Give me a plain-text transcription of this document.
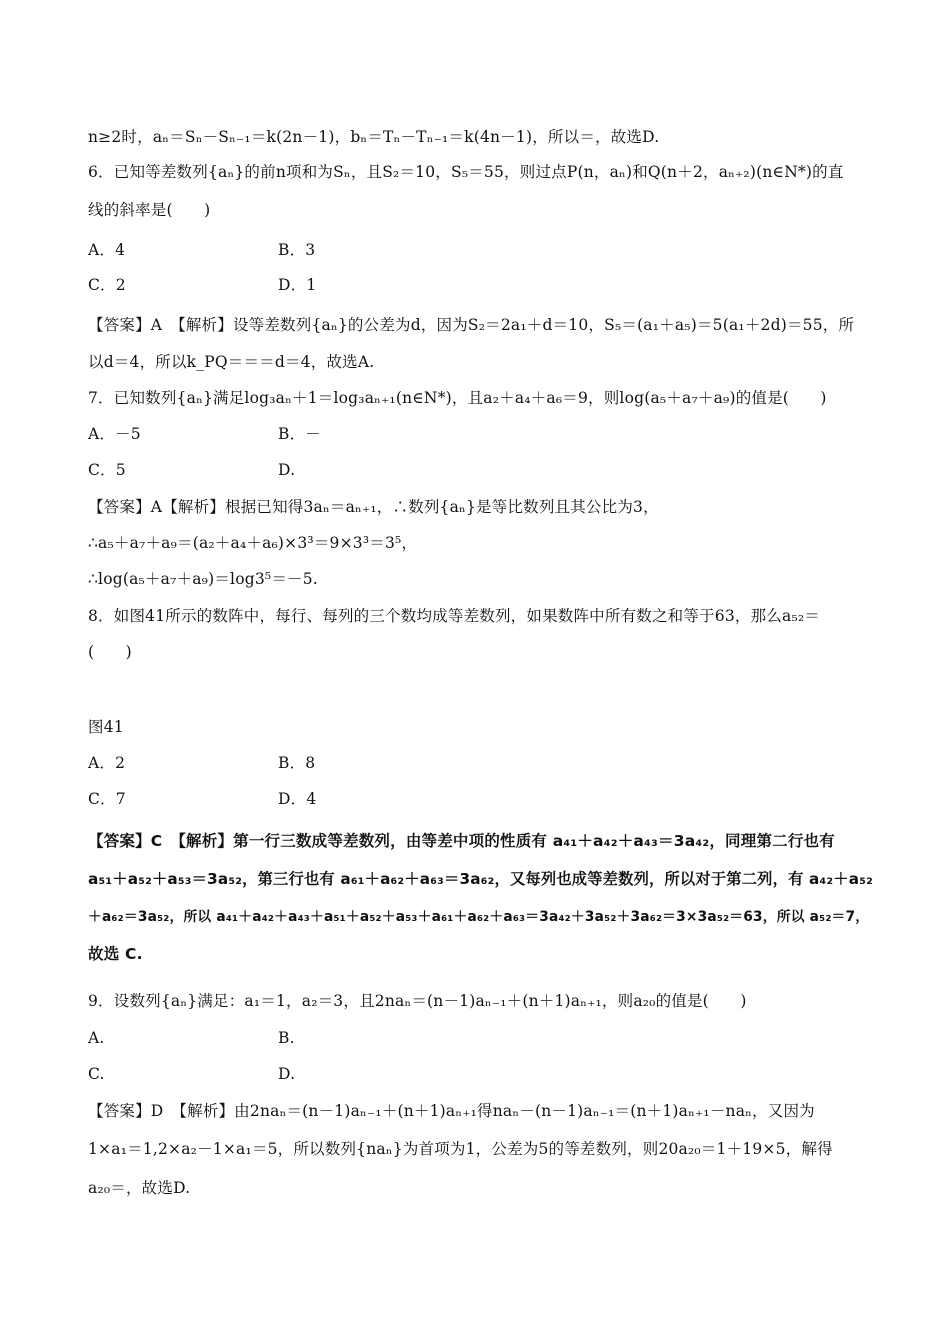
n≥2时，aₙ＝Sₙ－Sₙ₋₁＝k(2n－1)，bₙ＝Tₙ－Tₙ₋₁＝k(4n－1)，所以＝，故选D.
6．已知等差数列{aₙ}的前n项和为Sₙ，且S₂＝10，S₅＝55，则过点P(n，aₙ)和Q(n＋2，aₙ₊₂)(n∈N*)的直
线的斜率是(　　)
A．4	B．3
C．2	D．1
【答案】A　【解析】设等差数列{aₙ}的公差为d，因为S₂＝2a₁＋d＝10，S₅＝(a₁＋a₅)＝5(a₁＋2d)＝55，所
以d＝4，所以k_PQ＝＝＝d＝4，故选A.
7．已知数列{aₙ}满足log₃aₙ＋1＝log₃aₙ₊₁(n∈N*)，且a₂＋a₄＋a₆＝9，则log(a₅＋a₇＋a₉)的值是(　　)
A．－5	B．－
C．5	D.
【答案】A【解析】根据已知得3aₙ＝aₙ₊₁，∴数列{aₙ}是等比数列且其公比为3，
∴a₅＋a₇＋a₉＝(a₂＋a₄＋a₆)×3³＝9×3³＝3⁵，
∴log(a₅＋a₇＋a₉)＝log3⁵＝－5.
8．如图41所示的数阵中，每行、每列的三个数均成等差数列，如果数阵中所有数之和等于63，那么a₅₂＝
(　　)
图41
A．2	B．8
C．7	D．4
【答案】C　【解析】第一行三数成等差数列，由等差中项的性质有 a₄₁＋a₄₂＋a₄₃＝3a₄₂，同理第二行也有
a₅₁＋a₅₂＋a₅₃＝3a₅₂，第三行也有 a₆₁＋a₆₂＋a₆₃＝3a₆₂，又每列也成等差数列，所以对于第二列，有 a₄₂＋a₅₂
＋a₆₂＝3a₅₂，所以 a₄₁＋a₄₂＋a₄₃＋a₅₁＋a₅₂＋a₅₃＋a₆₁＋a₆₂＋a₆₃＝3a₄₂＋3a₅₂＋3a₆₂＝3×3a₅₂＝63，所以 a₅₂＝7，
故选 C.
9．设数列{aₙ}满足：a₁＝1，a₂＝3，且2naₙ＝(n－1)aₙ₋₁＋(n＋1)aₙ₊₁，则a₂₀的值是(　　)
A.	B.
C.	D.
【答案】D　【解析】由2naₙ＝(n－1)aₙ₋₁＋(n＋1)aₙ₊₁得naₙ－(n－1)aₙ₋₁＝(n＋1)aₙ₊₁－naₙ，又因为
1×a₁＝1,2×a₂－1×a₁＝5，所以数列{naₙ}为首项为1，公差为5的等差数列，则20a₂₀＝1＋19×5，解得
a₂₀＝，故选D.
